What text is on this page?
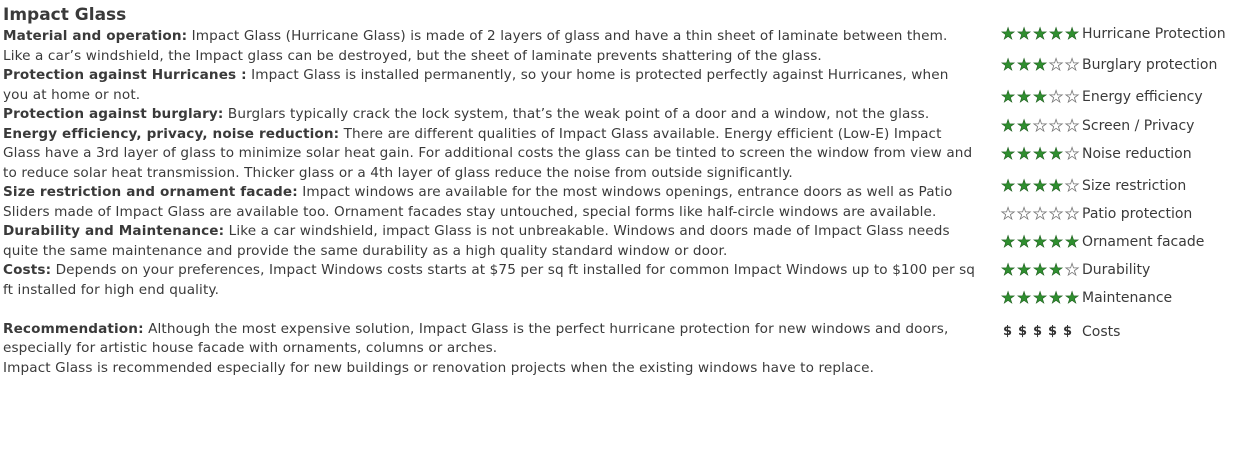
Impact Glass

Material and operation: Impact Glass (Hurricane Glass) is made of 2 layers of glass and have a thin sheet of laminate between them. Like a car’s windshield, the Impact glass can be destroyed, but the sheet of laminate prevents shattering of the glass.

Protection against Hurricanes : Impact Glass is installed permanently, so your home is protected perfectly against Hurricanes, when you at home or not.

Protection against burglary: Burglars typically crack the lock system, that’s the weak point of a door and a window, not the glass.

Energy efficiency, privacy, noise reduction: There are different qualities of Impact Glass available. Energy efficient (Low-E) Impact Glass have a 3rd layer of glass to minimize solar heat gain. For additional costs the glass can be tinted to screen the window from view and to reduce solar heat transmission. Thicker glass or a 4th layer of glass reduce the noise from outside significantly.

Size restriction and ornament facade: Impact windows are available for the most windows openings, entrance doors as well as Patio Sliders made of Impact Glass are available too. Ornament facades stay untouched, special forms like half-circle windows are available.

Durability and Maintenance: Like a car windshield, impact Glass is not unbreakable. Windows and doors made of Impact Glass needs quite the same maintenance and provide the same durability as a high quality standard window or door.

Costs: Depends on your preferences, Impact Windows costs starts at $75 per sq ft installed for common Impact Windows up to $100 per sq ft installed for high end quality.

Recommendation: Although the most expensive solution, Impact Glass is the perfect hurricane protection for new windows and doors, especially for artistic house facade with ornaments, columns or arches.

Impact Glass is recommended especially for new buildings or renovation projects when the existing windows have to replace.

★ ★ ★ ★ ★ Hurricane Protection
★ ★ ★ ★ ★ Burglary protection
★ ★ ★ ★ ★ Energy efficiency
★ ★ ★ ★ ★ Screen / Privacy
★ ★ ★ ★ ★ Noise reduction
★ ★ ★ ★ ★ Size restriction
★ ★ ★ ★ ★ Patio protection
★ ★ ★ ★ ★ Ornament facade
★ ★ ★ ★ ★ Durability
★ ★ ★ ★ ★ Maintenance
$ $ $ $ $ Costs
